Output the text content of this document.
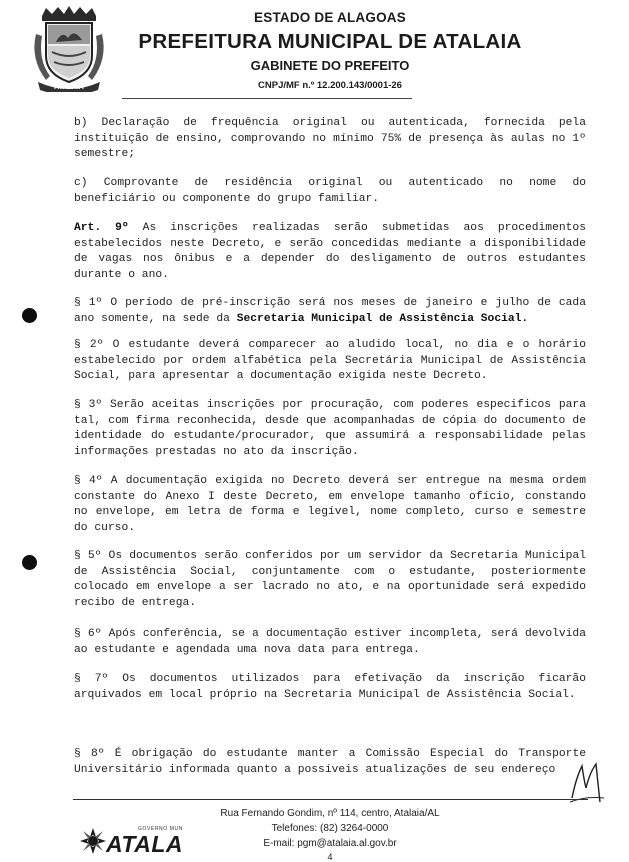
ATALAIA
ESTADO DE ALAGOAS
PREFEITURA MUNICIPAL DE ATALAIA
GABINETE DO PREFEITO
CNPJ/MF n.º 12.200.143/0001-26

b) Declaração de frequência original ou autenticada, fornecida pela instituição de ensino, comprovando no mínimo 75% de presença às aulas no 1º semestre;

c) Comprovante de residência original ou autenticado no nome do beneficiário ou componente do grupo familiar.

Art. 9º As inscrições realizadas serão submetidas aos procedimentos estabelecidos neste Decreto, e serão concedidas mediante a disponibilidade de vagas nos ônibus e a depender do desligamento de outros estudantes durante o ano.

§ 1º O período de pré-inscrição será nos meses de janeiro e julho de cada ano somente, na sede da Secretaria Municipal de Assistência Social.

§ 2º O estudante deverá comparecer ao aludido local, no dia e o horário estabelecido por ordem alfabética pela Secretária Municipal de Assistência Social, para apresentar a documentação exigida neste Decreto.

§ 3º Serão aceitas inscrições por procuração, com poderes especificos para tal, com firma reconhecida, desde que acompanhadas de cópia do documento de identidade do estudante/procurador, que assumirá a responsabilidade pelas informações prestadas no ato da inscrição.

§ 4º A documentação exigida no Decreto deverá ser entregue na mesma ordem constante do Anexo I deste Decreto, em envelope tamanho ofício, constando no envelope, em letra de forma e legível, nome completo, curso e semestre do curso.

§ 5º Os documentos serão conferidos por um servidor da Secretaria Municipal de Assistência Social, conjuntamente com o estudante, posteriormente colocado em envelope a ser lacrado no ato, e na oportunidade será expedido recibo de entrega.

§ 6º Após conferência, se a documentação estiver incompleta, será devolvida ao estudante e agendada uma nova data para entrega.

§ 7º Os documentos utilizados para efetivação da inscrição ficarão arquivados em local próprio na Secretaria Municipal de Assistência Social.

§ 8º É obrigação do estudante manter a Comissão Especial do Transporte Universitário informada quanto a possíveis atualizações de seu endereço

GOVERNO MUN
ATALA
Rua Fernando Gondim, nº 114, centro, Atalaia/AL
Telefones: (82) 3264-0000
E-mail: pgm@atalaia.al.gov.br
4
